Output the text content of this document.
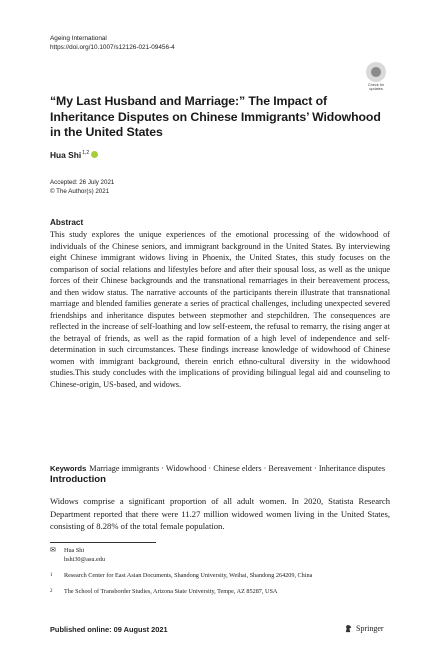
Ageing International
https://doi.org/10.1007/s12126-021-09456-4
Check for
updates
“My Last Husband and Marriage:” The Impact of Inheritance Disputes on Chinese Immigrants’ Widowhood in the United States
Hua Shi$^{1,2}$
Accepted: 26 July 2021
© The Author(s) 2021
Abstract
This study explores the unique experiences of the emotional processing of the widowhood of individuals of the Chinese seniors, and immigrant background in the United States. By interviewing eight Chinese immigrant widows living in Phoenix, the United States, this study focuses on the comparison of social relations and lifestyles before and after their spousal loss, as well as the unique forces of their Chinese backgrounds and the transnational remarriages in their bereavement process, and then widow status. The narrative accounts of the participants therein illustrate that transnational marriage and blended families generate a series of practical challenges, including unexpected severed friendships and inheritance disputes between stepmother and stepchildren. The consequences are reflected in the increase of self-loathing and low self-esteem, the refusal to remarry, the rising anger at the betrayal of friends, as well as the rapid formation of a high level of independence and self-determination in such circumstances. These findings increase knowledge of widowhood of Chinese women with immigrant background, therein enrich ethno-cultural diversity in the widowhood studies.This study concludes with the implications of providing bilingual legal aid and counseling to Chinese-origin, US-based, and widows.
Keywords Marriage immigrants · Widowhood · Chinese elders · Bereavement · Inheritance disputes
Introduction
Widows comprise a significant proportion of all adult women. In 2020, Statista Research Department reported that there were 11.27 million widowed women living in the United States, consisting of 8.28% of the total female population.
✉	Hua Shi
hshi30@asu.edu
1	Research Center for East Asian Documents, Shandong University, Weihai, Shandong 264209, China
2	The School of Transborder Studies, Arizona State University, Tempe, AZ 85287, USA
Published online: 09 August 2021	Springer
